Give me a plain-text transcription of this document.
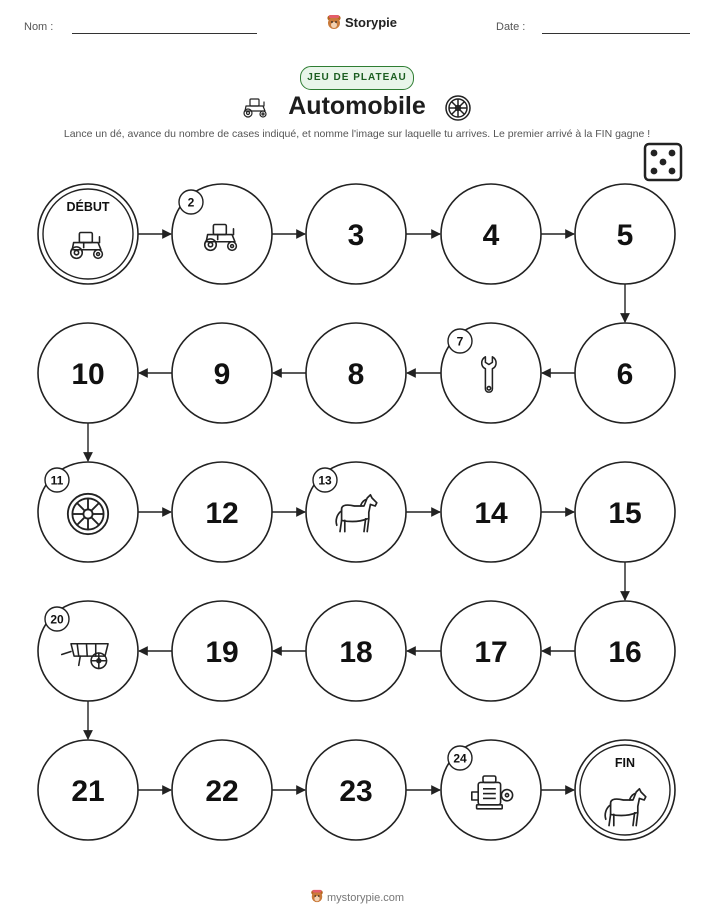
Nom :	Storypie	Date :
JEU DE PLATEAU
Automobile
Lance un dé, avance du nombre de cases indiqué, et nomme l'image sur laquelle tu arrives. Le premier arrivé à la FIN gagne !
DÉBUT	2
3	4	5
6
7
8
9
10
11
12
13
14	15
16
17
18
19
20
21	22	23
24	FIN
mystorypie.com
